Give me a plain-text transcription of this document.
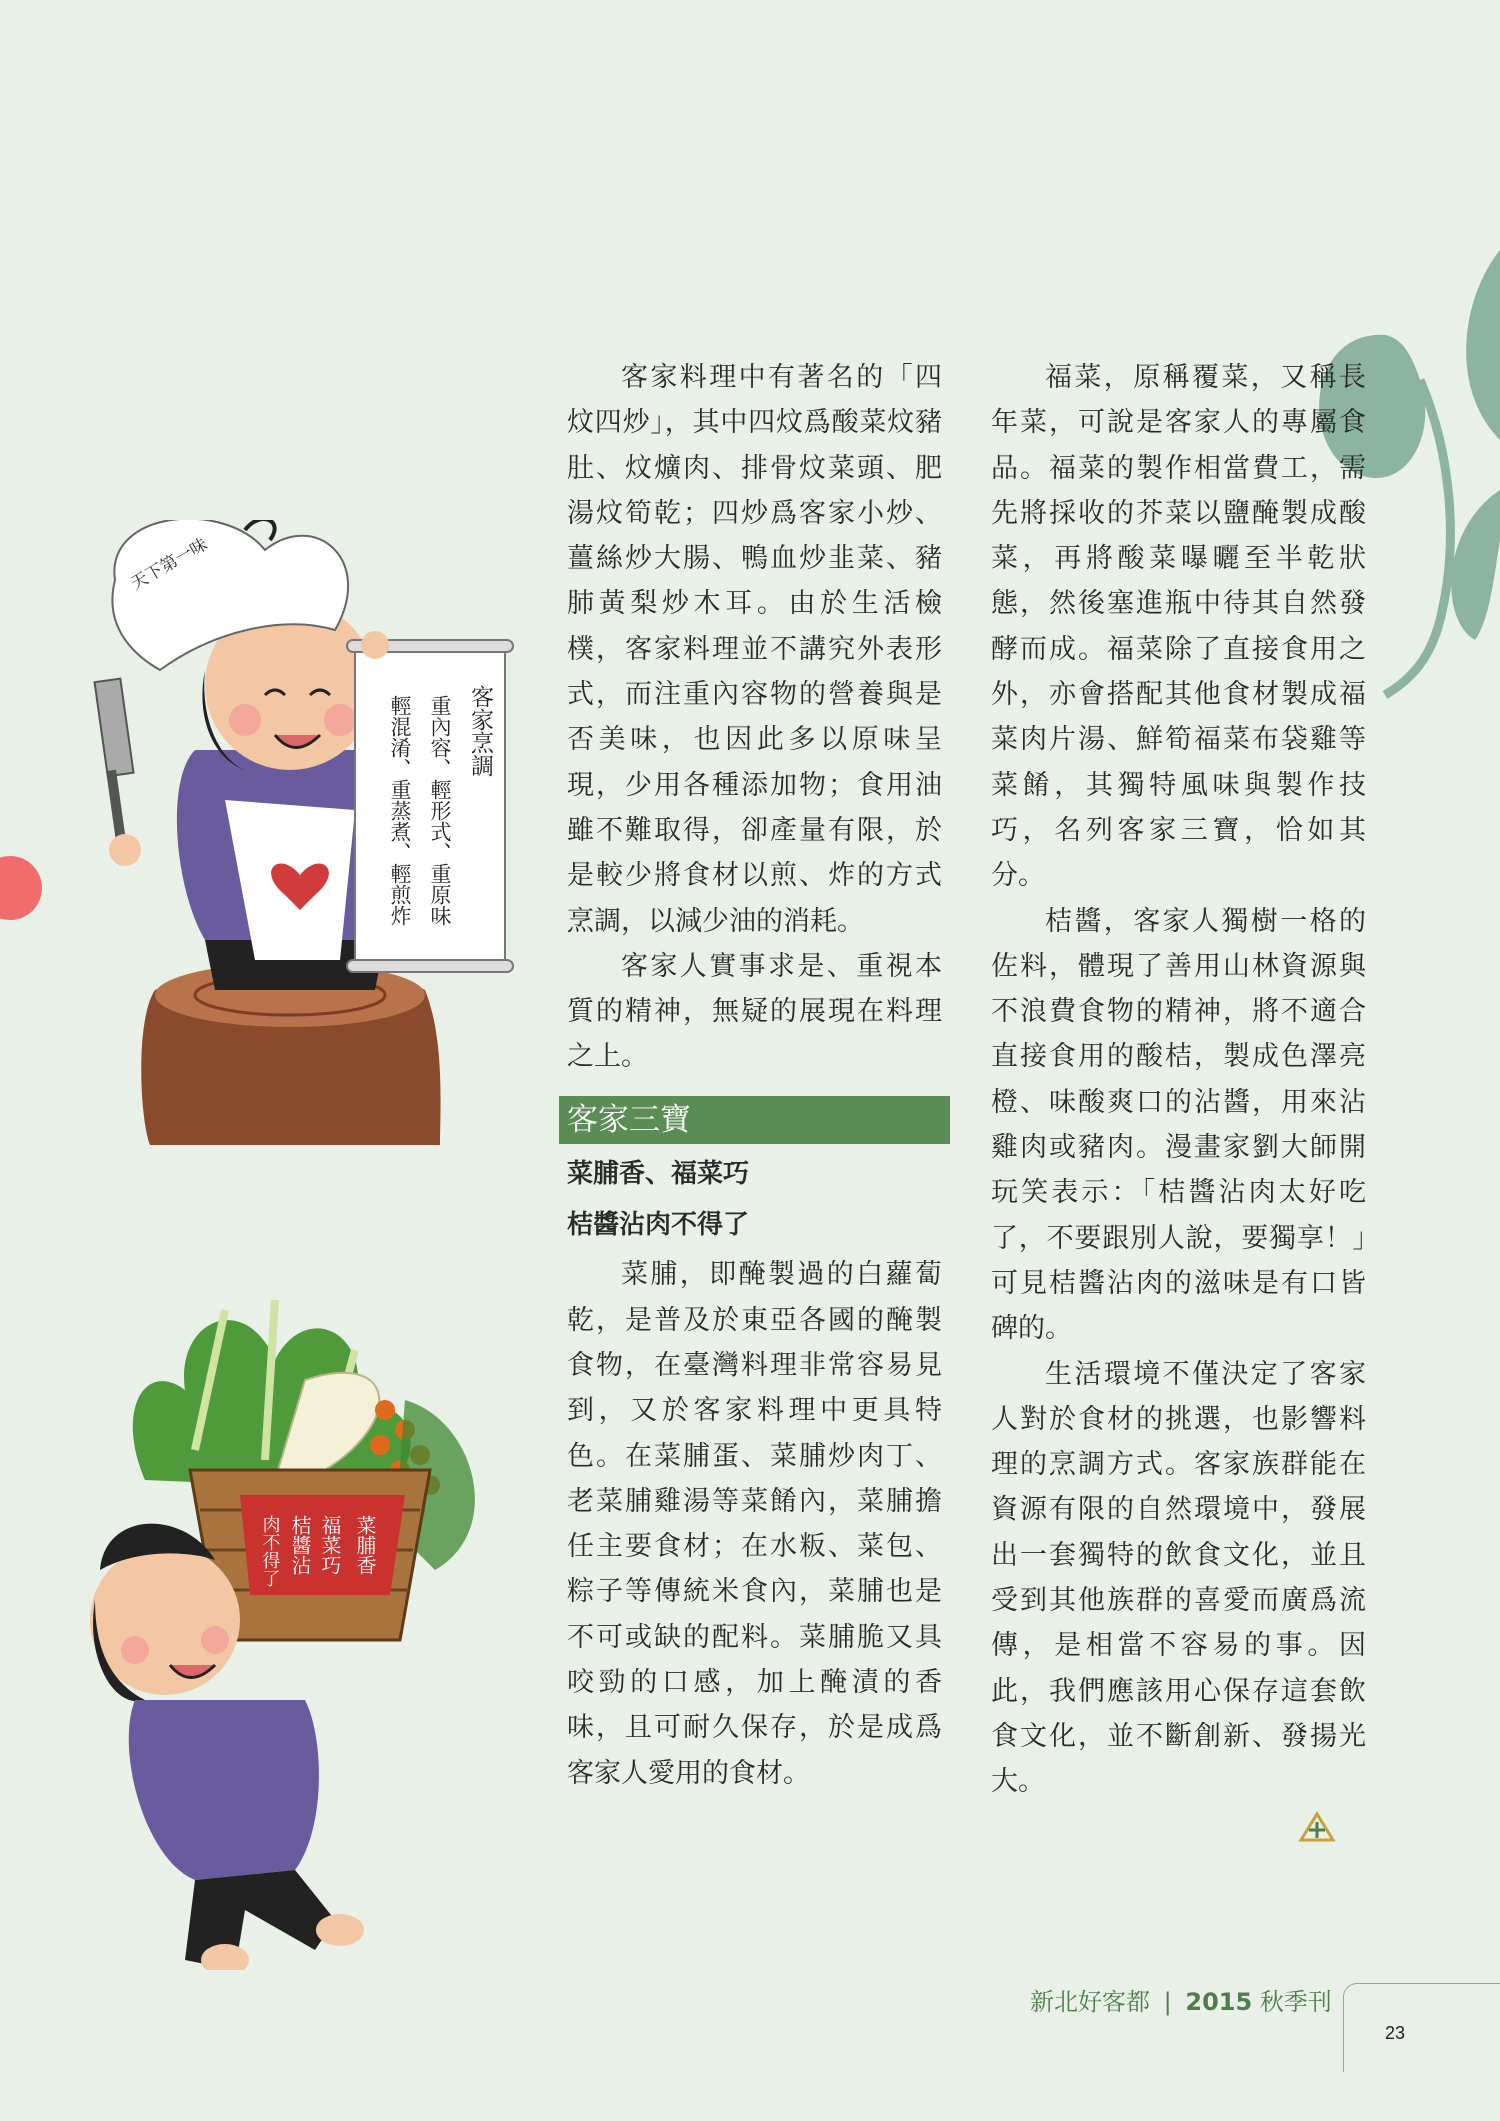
天下第一味
客家烹調
重內容、輕形式、重原味
輕混淆、重蒸煮、輕煎炸
菜脯香
福菜巧
桔醬沾
肉不得了

客家料理中有著名的「四炆四炒」，其中四炆爲酸菜炆豬肚、炆爌肉、排骨炆菜頭、肥湯炆筍乾；四炒爲客家小炒、薑絲炒大腸、鴨血炒韭菜、豬肺黃梨炒木耳。由於生活檢樸，客家料理並不講究外表形式，而注重內容物的營養與是否美味，也因此多以原味呈現，少用各種添加物；食用油雖不難取得，卻產量有限，於是較少將食材以煎、炸的方式烹調，以減少油的消耗。

客家人實事求是、重視本質的精神，無疑的展現在料理之上。

客家三寶

菜脯香、福菜巧

桔醬沾肉不得了

菜脯，即醃製過的白蘿蔔乾，是普及於東亞各國的醃製食物，在臺灣料理非常容易見到，又於客家料理中更具特色。在菜脯蛋、菜脯炒肉丁、老菜脯雞湯等菜餚內，菜脯擔任主要食材；在水粄、菜包、粽子等傳統米食內，菜脯也是不可或缺的配料。菜脯脆又具咬勁的口感，加上醃漬的香味，且可耐久保存，於是成爲客家人愛用的食材。

福菜，原稱覆菜，又稱長年菜，可說是客家人的專屬食品。福菜的製作相當費工，需先將採收的芥菜以鹽醃製成酸菜，再將酸菜曝曬至半乾狀態，然後塞進瓶中待其自然發酵而成。福菜除了直接食用之外，亦會搭配其他食材製成福菜肉片湯、鮮筍福菜布袋雞等菜餚，其獨特風味與製作技巧，名列客家三寶，恰如其分。

桔醬，客家人獨樹一格的佐料，體現了善用山林資源與不浪費食物的精神，將不適合直接食用的酸桔，製成色澤亮橙、味酸爽口的沾醬，用來沾雞肉或豬肉。漫畫家劉大師開玩笑表示：「桔醬沾肉太好吃了，不要跟別人說，要獨享！」可見桔醬沾肉的滋味是有口皆碑的。

生活環境不僅決定了客家人對於食材的挑選，也影響料理的烹調方式。客家族群能在資源有限的自然環境中，發展出一套獨特的飲食文化，並且受到其他族群的喜愛而廣爲流傳，是相當不容易的事。因此，我們應該用心保存這套飲食文化，並不斷創新、發揚光大。

新北好客都 | 2015 秋季刊
23
